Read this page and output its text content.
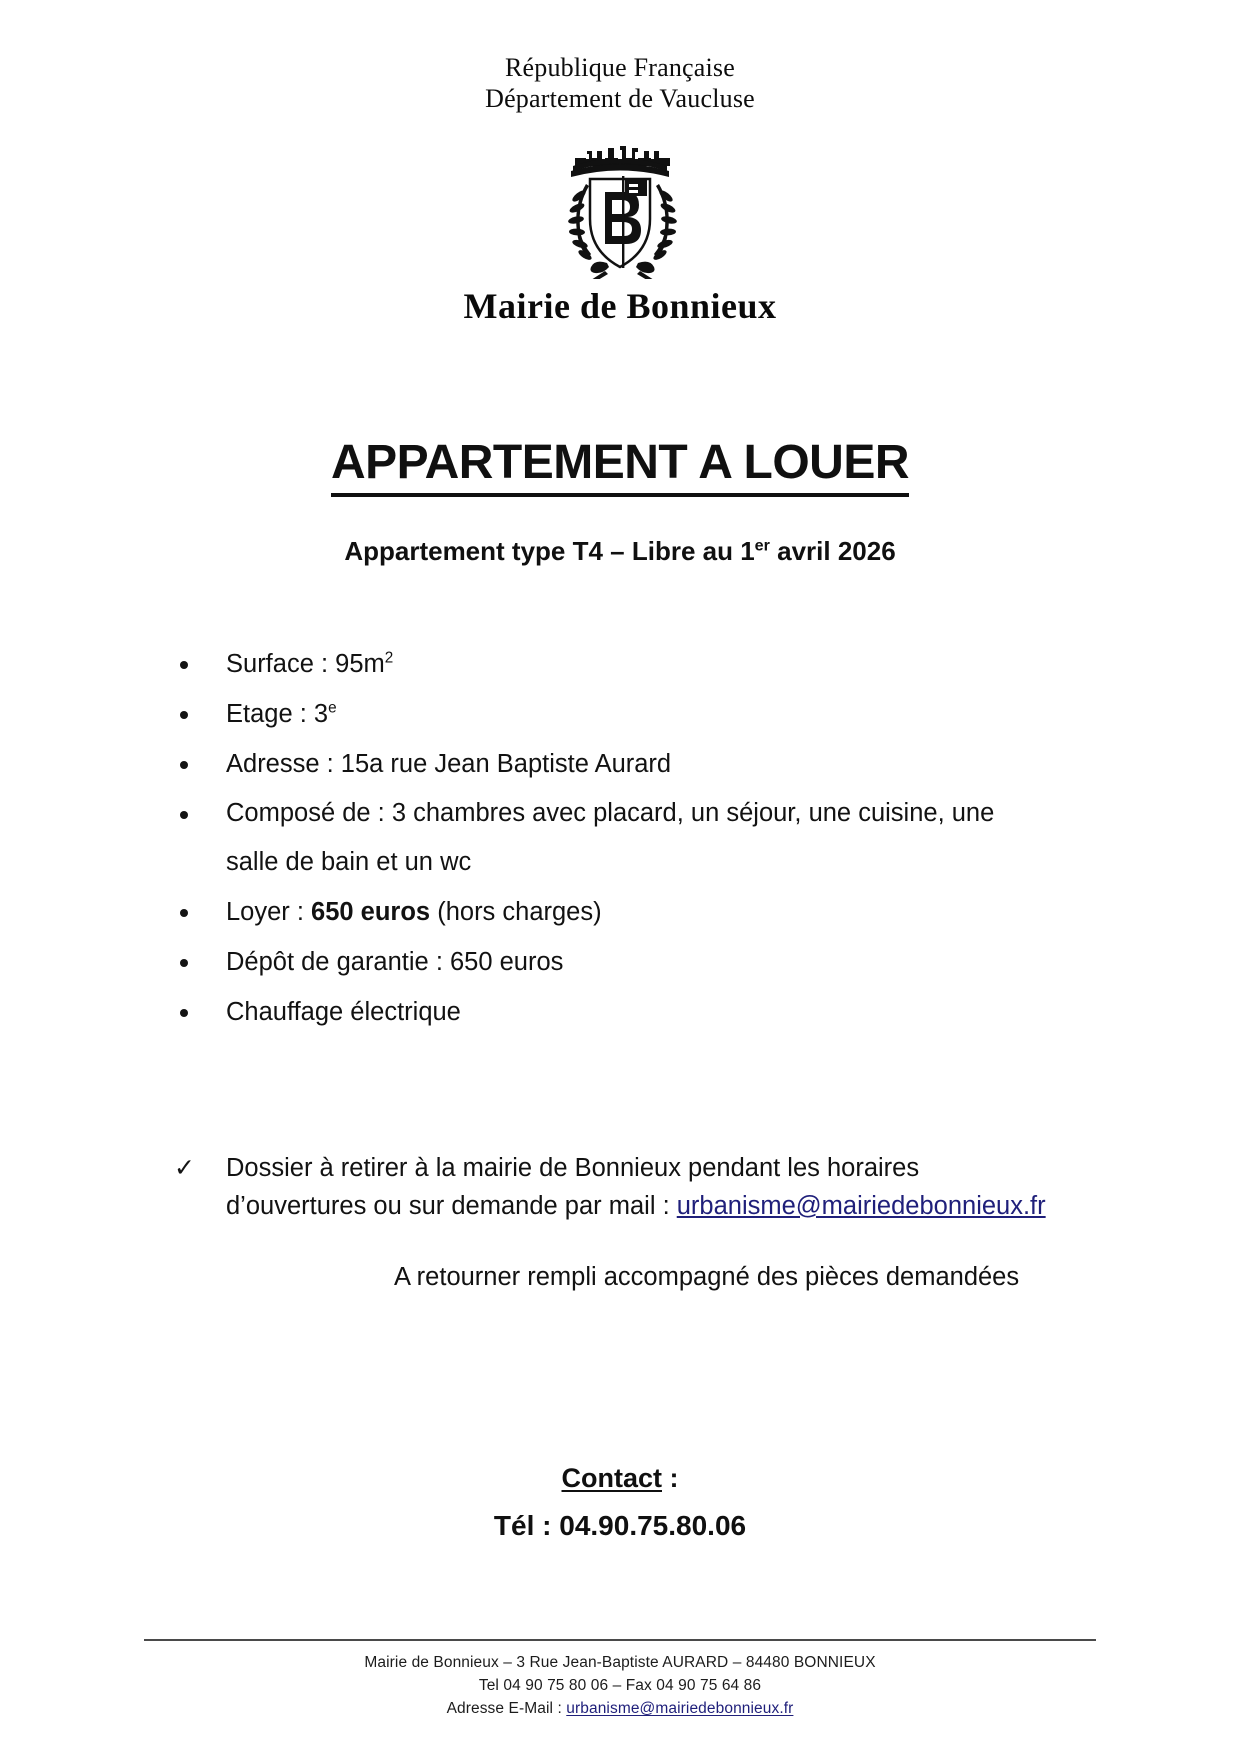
République Française
Département de Vaucluse
Mairie de Bonnieux
APPARTEMENT A LOUER
Appartement type T4 – Libre au 1er avril 2026
Surface : $95m^2$
Etage : 3e
Adresse : 15a rue Jean Baptiste Aurard
Composé de : 3 chambres avec placard, un séjour, une cuisine, une salle de bain et un wc
Loyer : 650 euros (hors charges)
Dépôt de garantie : 650 euros
Chauffage électrique
✓ Dossier à retirer à la mairie de Bonnieux pendant les horaires d’ouvertures ou sur demande par mail : urbanisme@mairiedebonnieux.fr
A retourner rempli accompagné des pièces demandées
Contact :
Tél : 04.90.75.80.06
Mairie de Bonnieux – 3 Rue Jean-Baptiste AURARD – 84480 BONNIEUX
Tel 04 90 75 80 06 – Fax 04 90 75 64 86
Adresse E-Mail : urbanisme@mairiedebonnieux.fr
